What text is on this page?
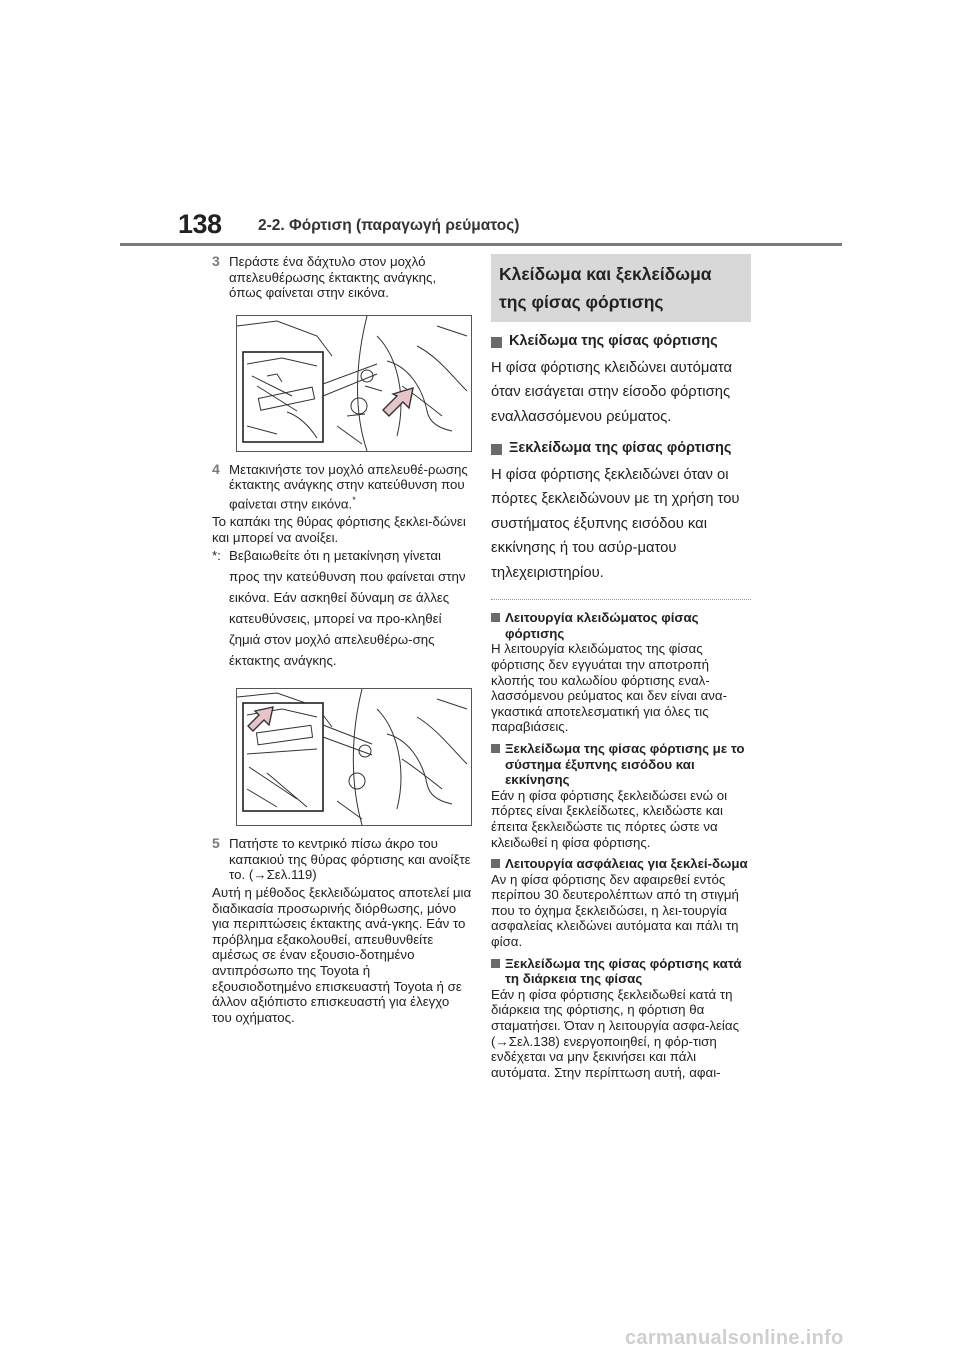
138 2-2. Φόρτιση (παραγωγή ρεύματος)
3 Περάστε ένα δάχτυλο στον μοχλό απελευθέρωσης έκτακτης ανάγκης, όπως φαίνεται στην εικόνα.
4 Μετακινήστε τον μοχλό απελευθέ-ρωσης έκτακτης ανάγκης στην κατεύθυνση που φαίνεται στην εικόνα.*

Το καπάκι της θύρας φόρτισης ξεκλει-δώνει και μπορεί να ανοίξει.

*: Βεβαιωθείτε ότι η μετακίνηση γίνεται προς την κατεύθυνση που φαίνεται στην εικόνα. Εάν ασκηθεί δύναμη σε άλλες κατευθύνσεις, μπορεί να προ-κληθεί ζημιά στον μοχλό απελευθέρω-σης έκτακτης ανάγκης.
5 Πατήστε το κεντρικό πίσω άκρο του καπακιού της θύρας φόρτισης και ανοίξτε το. (→Σελ.119)

Αυτή η μέθοδος ξεκλειδώματος αποτελεί μια διαδικασία προσωρινής διόρθωσης, μόνο για περιπτώσεις έκτακτης ανά-γκης. Εάν το πρόβλημα εξακολουθεί, απευθυνθείτε αμέσως σε έναν εξουσιο-δοτημένο αντιπρόσωπο της Toyota ή εξουσιοδοτημένο επισκευαστή Toyota ή σε άλλον αξιόπιστο επισκευαστή για έλεγχο του οχήματος.

Κλείδωμα και ξεκλείδωμα της φίσας φόρτισης
Κλείδωμα της φίσας φόρτισης
Η φίσα φόρτισης κλειδώνει αυτόματα όταν εισάγεται στην είσοδο φόρτισης εναλλασσόμενου ρεύματος.
Ξεκλείδωμα της φίσας φόρτισης
Η φίσα φόρτισης ξεκλειδώνει όταν οι πόρτες ξεκλειδώνουν με τη χρήση του συστήματος έξυπνης εισόδου και εκκίνησης ή του ασύρ-ματου τηλεχειριστηρίου.
Λειτουργία κλειδώματος φίσας φόρτισης
Η λειτουργία κλειδώματος της φίσας φόρτισης δεν εγγυάται την αποτροπή κλοπής του καλωδίου φόρτισης εναλ-λασσόμενου ρεύματος και δεν είναι ανα-γκαστικά αποτελεσματική για όλες τις παραβιάσεις.
Ξεκλείδωμα της φίσας φόρτισης με το σύστημα έξυπνης εισόδου και εκκίνησης
Εάν η φίσα φόρτισης ξεκλειδώσει ενώ οι πόρτες είναι ξεκλείδωτες, κλειδώστε και έπειτα ξεκλειδώστε τις πόρτες ώστε να κλειδωθεί η φίσα φόρτισης.
Λειτουργία ασφάλειας για ξεκλεί-δωμα
Αν η φίσα φόρτισης δεν αφαιρεθεί εντός περίπου 30 δευτερολέπτων από τη στιγμή που το όχημα ξεκλειδώσει, η λει-τουργία ασφαλείας κλειδώνει αυτόματα και πάλι τη φίσα.
Ξεκλείδωμα της φίσας φόρτισης κατά τη διάρκεια της φίσας
Εάν η φίσα φόρτισης ξεκλειδωθεί κατά τη διάρκεια της φόρτισης, η φόρτιση θα σταματήσει. Όταν η λειτουργία ασφα-λείας (→Σελ.138) ενεργοποιηθεί, η φόρ-τιση ενδέχεται να μην ξεκινήσει και πάλι αυτόματα. Στην περίπτωση αυτή, αφαι-
carmanualsonline.info
